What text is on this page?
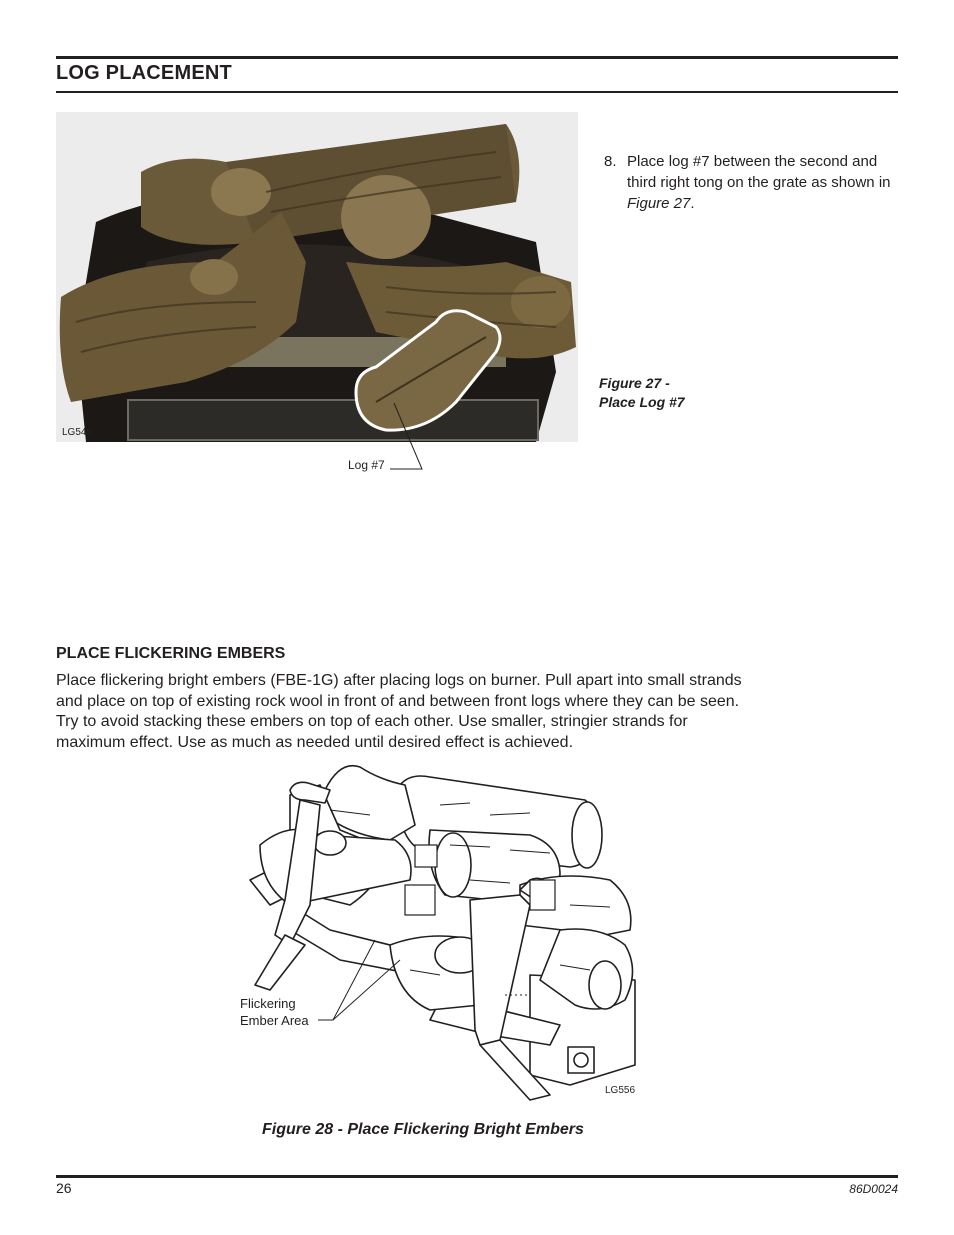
LOG PLACEMENT
LG549
Log #7

8. Place log #7 between the second and third right tong on the grate as shown in Figure 27.

Figure 27 -
Place Log #7
PLACE FLICKERING EMBERS

Place flickering bright embers (FBE-1G) after placing logs on burner. Pull apart into small strands and place on top of existing rock wool in front of and between front logs where they can be seen. Try to avoid stacking these embers on top of each other. Use smaller, stringier strands for maximum effect. Use as much as needed until desired effect is achieved.

Flickering
Ember Area
LG556
Figure 28 - Place Flickering Bright Embers
26	86D0024
